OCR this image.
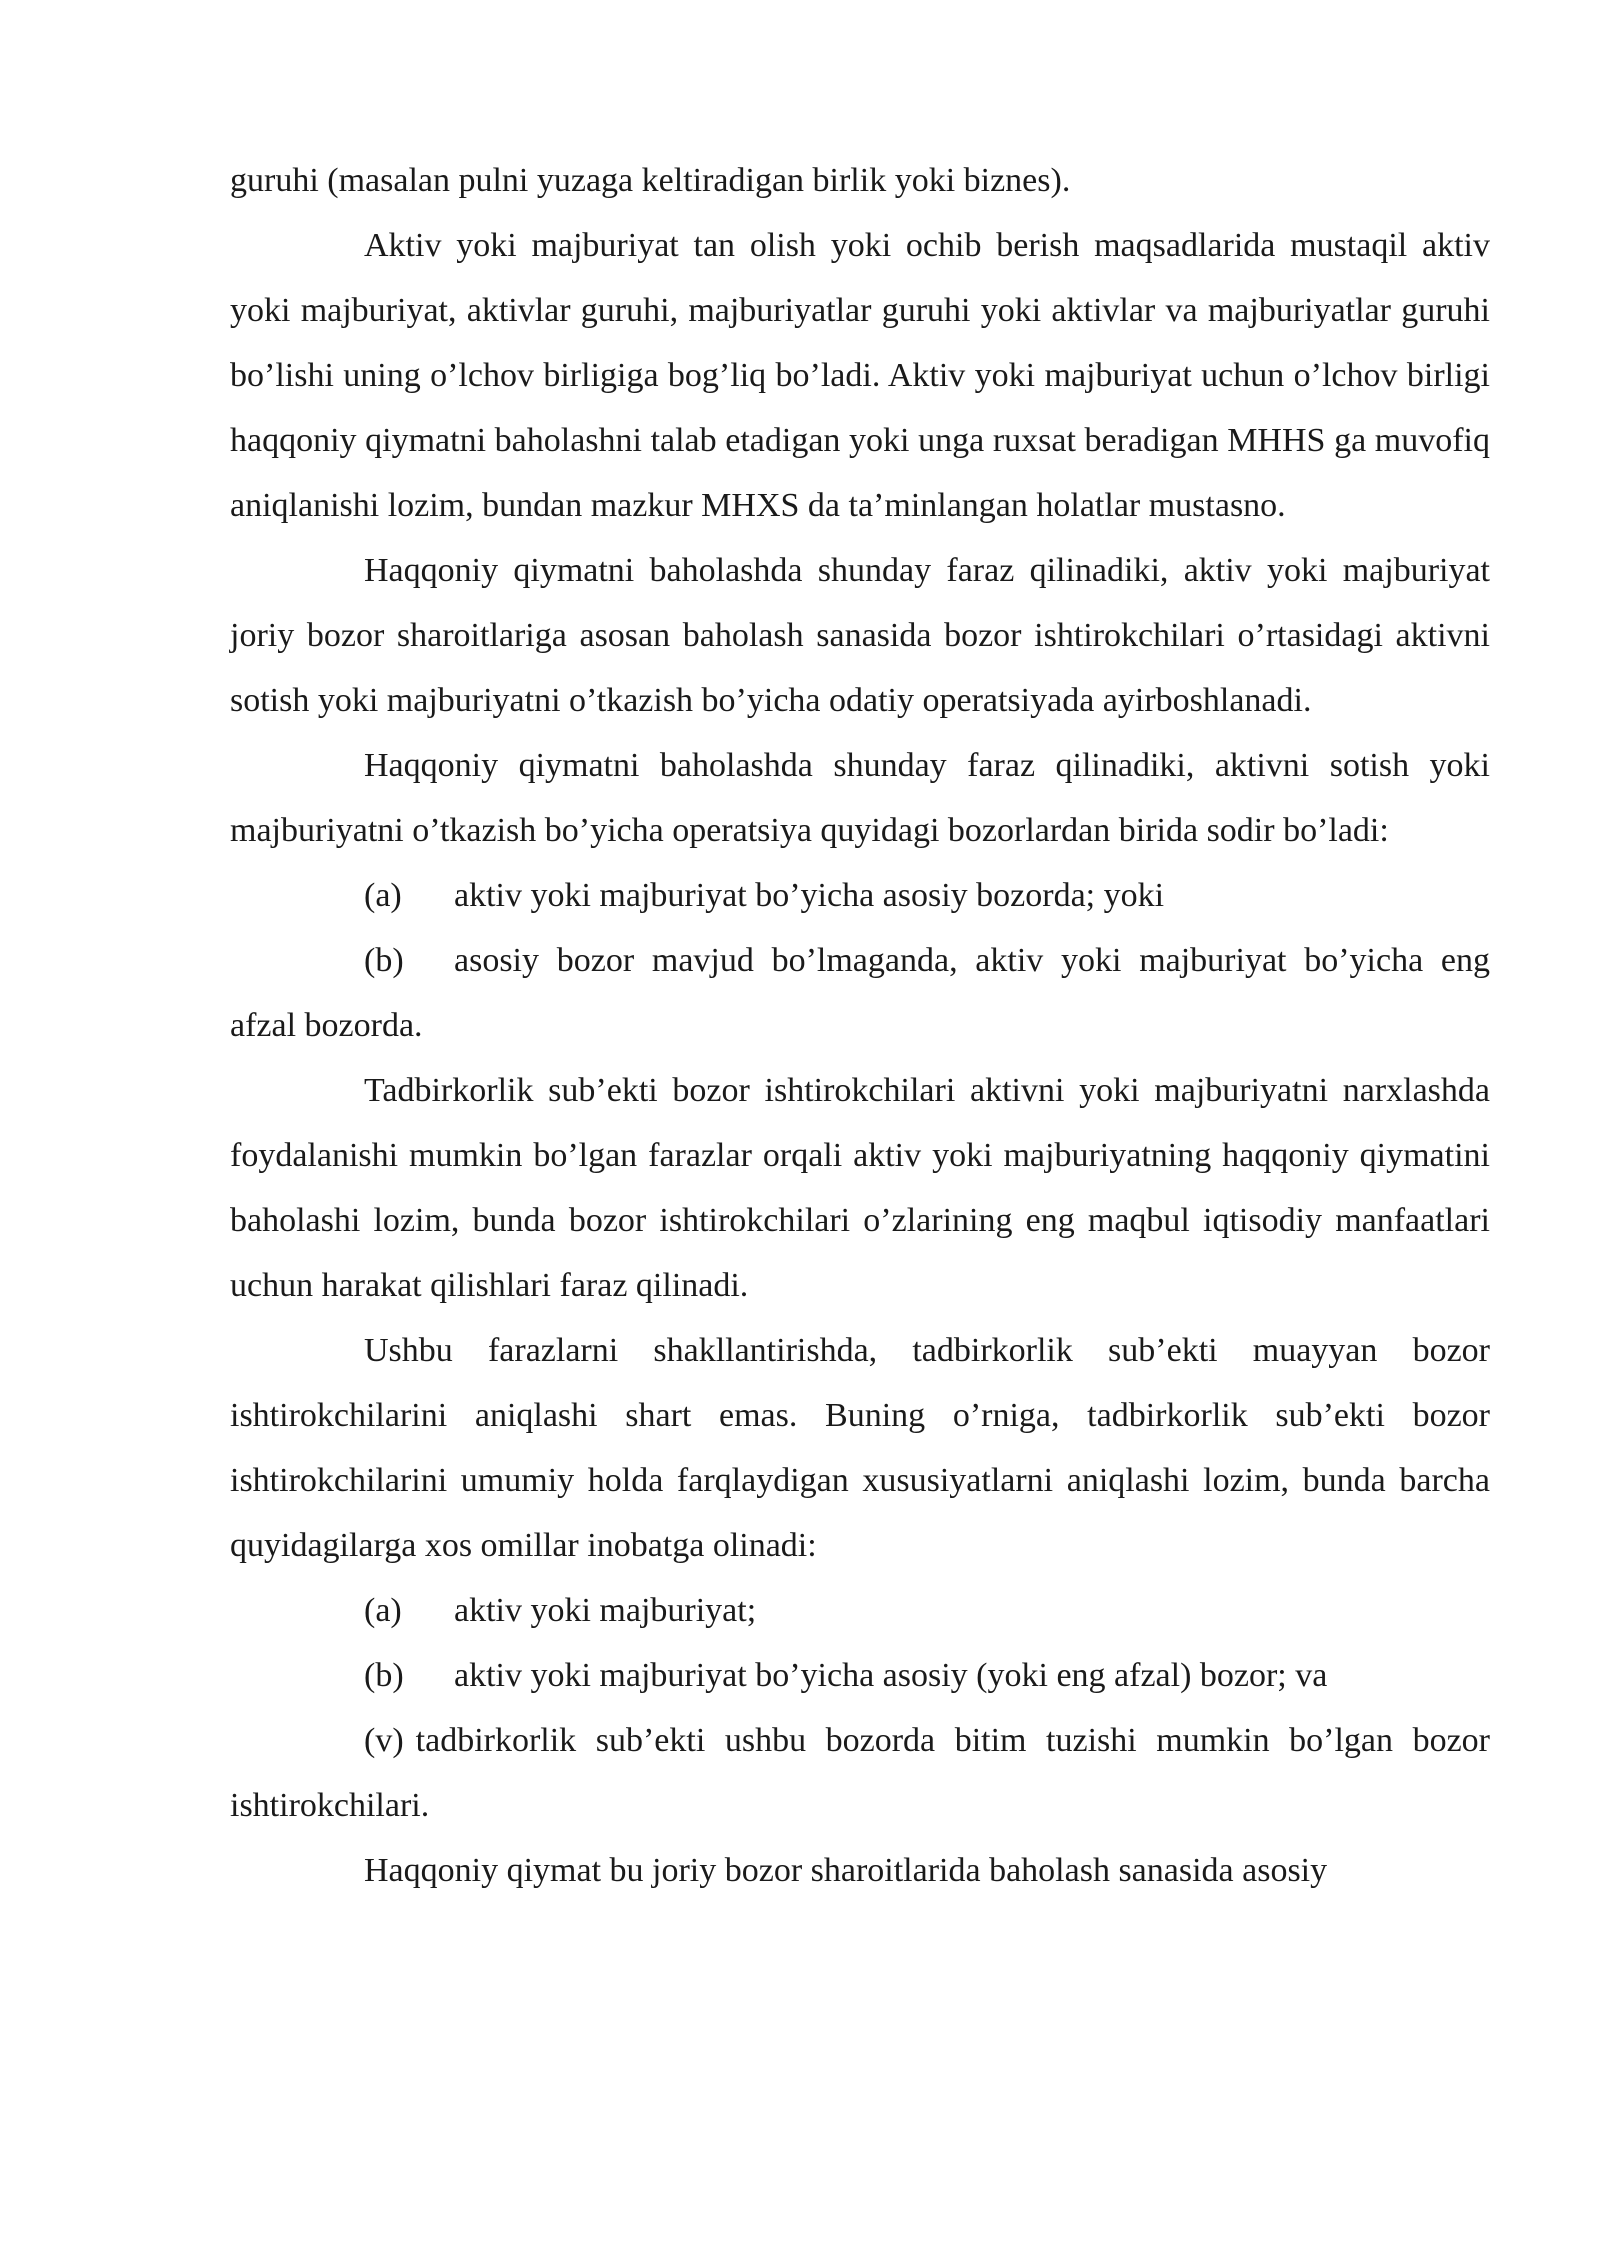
guruhi (masalan pulni yuzaga keltiradigan birlik yoki biznes).

Aktiv yoki majburiyat tan olish yoki ochib berish maqsadlarida mustaqil aktiv yoki majburiyat, aktivlar guruhi, majburiyatlar guruhi yoki aktivlar va majburiyatlar guruhi bo’lishi uning o’lchov birligiga bog’liq bo’ladi. Aktiv yoki majburiyat uchun o’lchov birligi haqqoniy qiymatni baholashni talab etadigan yoki unga ruxsat beradigan MHHS ga muvofiq aniqlanishi lozim, bundan mazkur MHXS da ta’minlangan holatlar mustasno.

Haqqoniy qiymatni baholashda shunday faraz qilinadiki, aktiv yoki majburiyat joriy bozor sharoitlariga asosan baholash sanasida bozor ishtirokchilari o’rtasidagi aktivni sotish yoki majburiyatni o’tkazish bo’yicha odatiy operatsiyada ayirboshlanadi.

Haqqoniy qiymatni baholashda shunday faraz qilinadiki, aktivni sotish yoki majburiyatni o’tkazish bo’yicha operatsiya quyidagi bozorlardan birida sodir bo’ladi:

(a) aktiv yoki majburiyat bo’yicha asosiy bozorda; yoki

(b) asosiy bozor mavjud bo’lmaganda, aktiv yoki majburiyat bo’yicha eng afzal bozorda.

Tadbirkorlik sub’ekti bozor ishtirokchilari aktivni yoki majburiyatni narxlashda foydalanishi mumkin bo’lgan farazlar orqali aktiv yoki majburiyatning haqqoniy qiymatini baholashi lozim, bunda bozor ishtirokchilari o’zlarining eng maqbul iqtisodiy manfaatlari uchun harakat qilishlari faraz qilinadi.

Ushbu farazlarni shakllantirishda, tadbirkorlik sub’ekti muayyan bozor ishtirokchilarini aniqlashi shart emas. Buning o’rniga, tadbirkorlik sub’ekti bozor ishtirokchilarini umumiy holda farqlaydigan xususiyatlarni aniqlashi lozim, bunda barcha quyidagilarga xos omillar inobatga olinadi:

(a) aktiv yoki majburiyat;

(b) aktiv yoki majburiyat bo’yicha asosiy (yoki eng afzal) bozor; va

(v) tadbirkorlik sub’ekti ushbu bozorda bitim tuzishi mumkin bo’lgan bozor ishtirokchilari.

Haqqoniy qiymat bu joriy bozor sharoitlarida baholash sanasida asosiy
